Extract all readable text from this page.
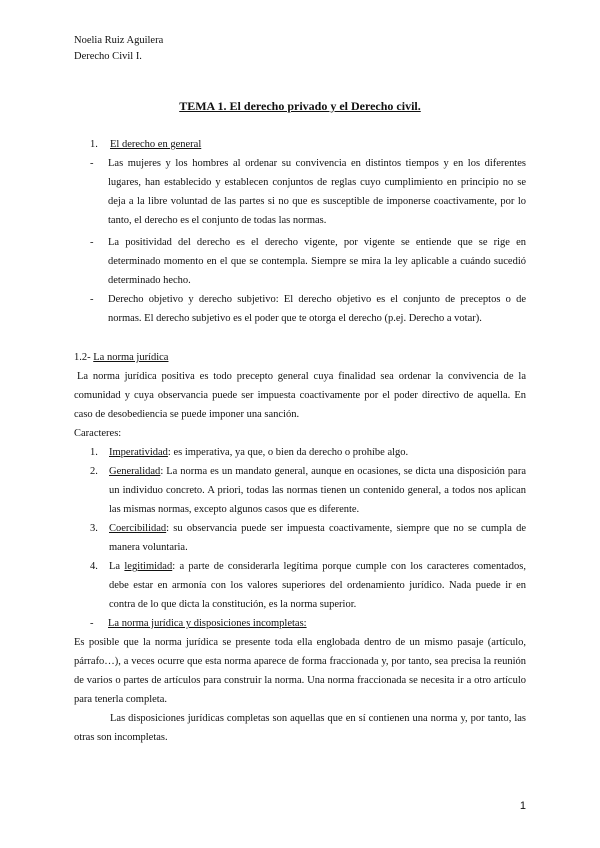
Noelia Ruiz Aguilera
Derecho Civil I.
TEMA 1. El derecho privado y el Derecho civil.
1. El derecho en general
- Las mujeres y los hombres al ordenar su convivencia en distintos tiempos y en los diferentes lugares, han establecido y establecen conjuntos de reglas cuyo cumplimiento en principio no se deja a la libre voluntad de las partes si no que es susceptible de imponerse coactivamente, por lo tanto, el derecho es el conjunto de todas las normas.
- La positividad del derecho es el derecho vigente, por vigente se entiende que se rige en determinado momento en el que se contempla. Siempre se mira la ley aplicable a cuándo sucedió determinado hecho.
- Derecho objetivo y derecho subjetivo: El derecho objetivo es el conjunto de preceptos o de normas. El derecho subjetivo es el poder que te otorga el derecho (p.ej. Derecho a votar).
1.2- La norma jurídica
La norma jurídica positiva es todo precepto general cuya finalidad sea ordenar la convivencia de la comunidad y cuya observancia puede ser impuesta coactivamente por el poder directivo de aquella. En caso de desobediencia se puede imponer una sanción.
Caracteres:
1. Imperatividad: es imperativa, ya que, o bien da derecho o prohíbe algo.
2. Generalidad: La norma es un mandato general, aunque en ocasiones, se dicta una disposición para un individuo concreto. A priori, todas las normas tienen un contenido general, a todos nos aplican las mismas normas, excepto algunos casos que es diferente.
3. Coercibilidad: su observancia puede ser impuesta coactivamente, siempre que no se cumpla de manera voluntaria.
4. La legitimidad: a parte de considerarla legítima porque cumple con los caracteres comentados, debe estar en armonía con los valores superiores del ordenamiento jurídico. Nada puede ir en contra de lo que dicta la constitución, es la norma superior.
- La norma jurídica y disposiciones incompletas:
Es posible que la norma jurídica se presente toda ella englobada dentro de un mismo pasaje (artículo, párrafo…), a veces ocurre que esta norma aparece de forma fraccionada y, por tanto, sea precisa la reunión de varios o partes de artículos para construir la norma. Una norma fraccionada se necesita ir a otro artículo para tenerla completa.
Las disposiciones jurídicas completas son aquellas que en sí contienen una norma y, por tanto, las otras son incompletas.
1
